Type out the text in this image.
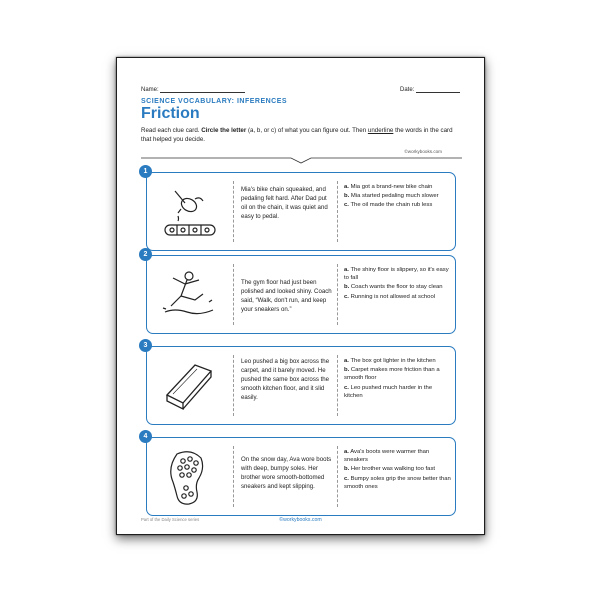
Name:	Date:
SCIENCE VOCABULARY: INFERENCES
Friction
Read each clue card. Circle the letter (a, b, or c) of what you can figure out. Then underline the words in the card that helped you decide.
©workybooks.com
1
Mia's bike chain squeaked, and pedaling felt hard. After Dad put oil on the chain, it was quiet and easy to pedal.
a. Mia got a brand-new bike chain
b. Mia started pedaling much slower
c. The oil made the chain rub less
2
The gym floor had just been polished and looked shiny. Coach said, “Walk, don't run, and keep your sneakers on.”
a. The shiny floor is slippery, so it's easy to fall
b. Coach wants the floor to stay clean
c. Running is not allowed at school
3
Leo pushed a big box across the carpet, and it barely moved. He pushed the same box across the smooth kitchen floor, and it slid easily.
a. The box got lighter in the kitchen
b. Carpet makes more friction than a smooth floor
c. Leo pushed much harder in the kitchen
4
On the snow day, Ava wore boots with deep, bumpy soles. Her brother wore smooth-bottomed sneakers and kept slipping.
a. Ava's boots were warmer than sneakers
b. Her brother was walking too fast
c. Bumpy soles grip the snow better than smooth ones
Part of the Daily Science series	©workybooks.com
